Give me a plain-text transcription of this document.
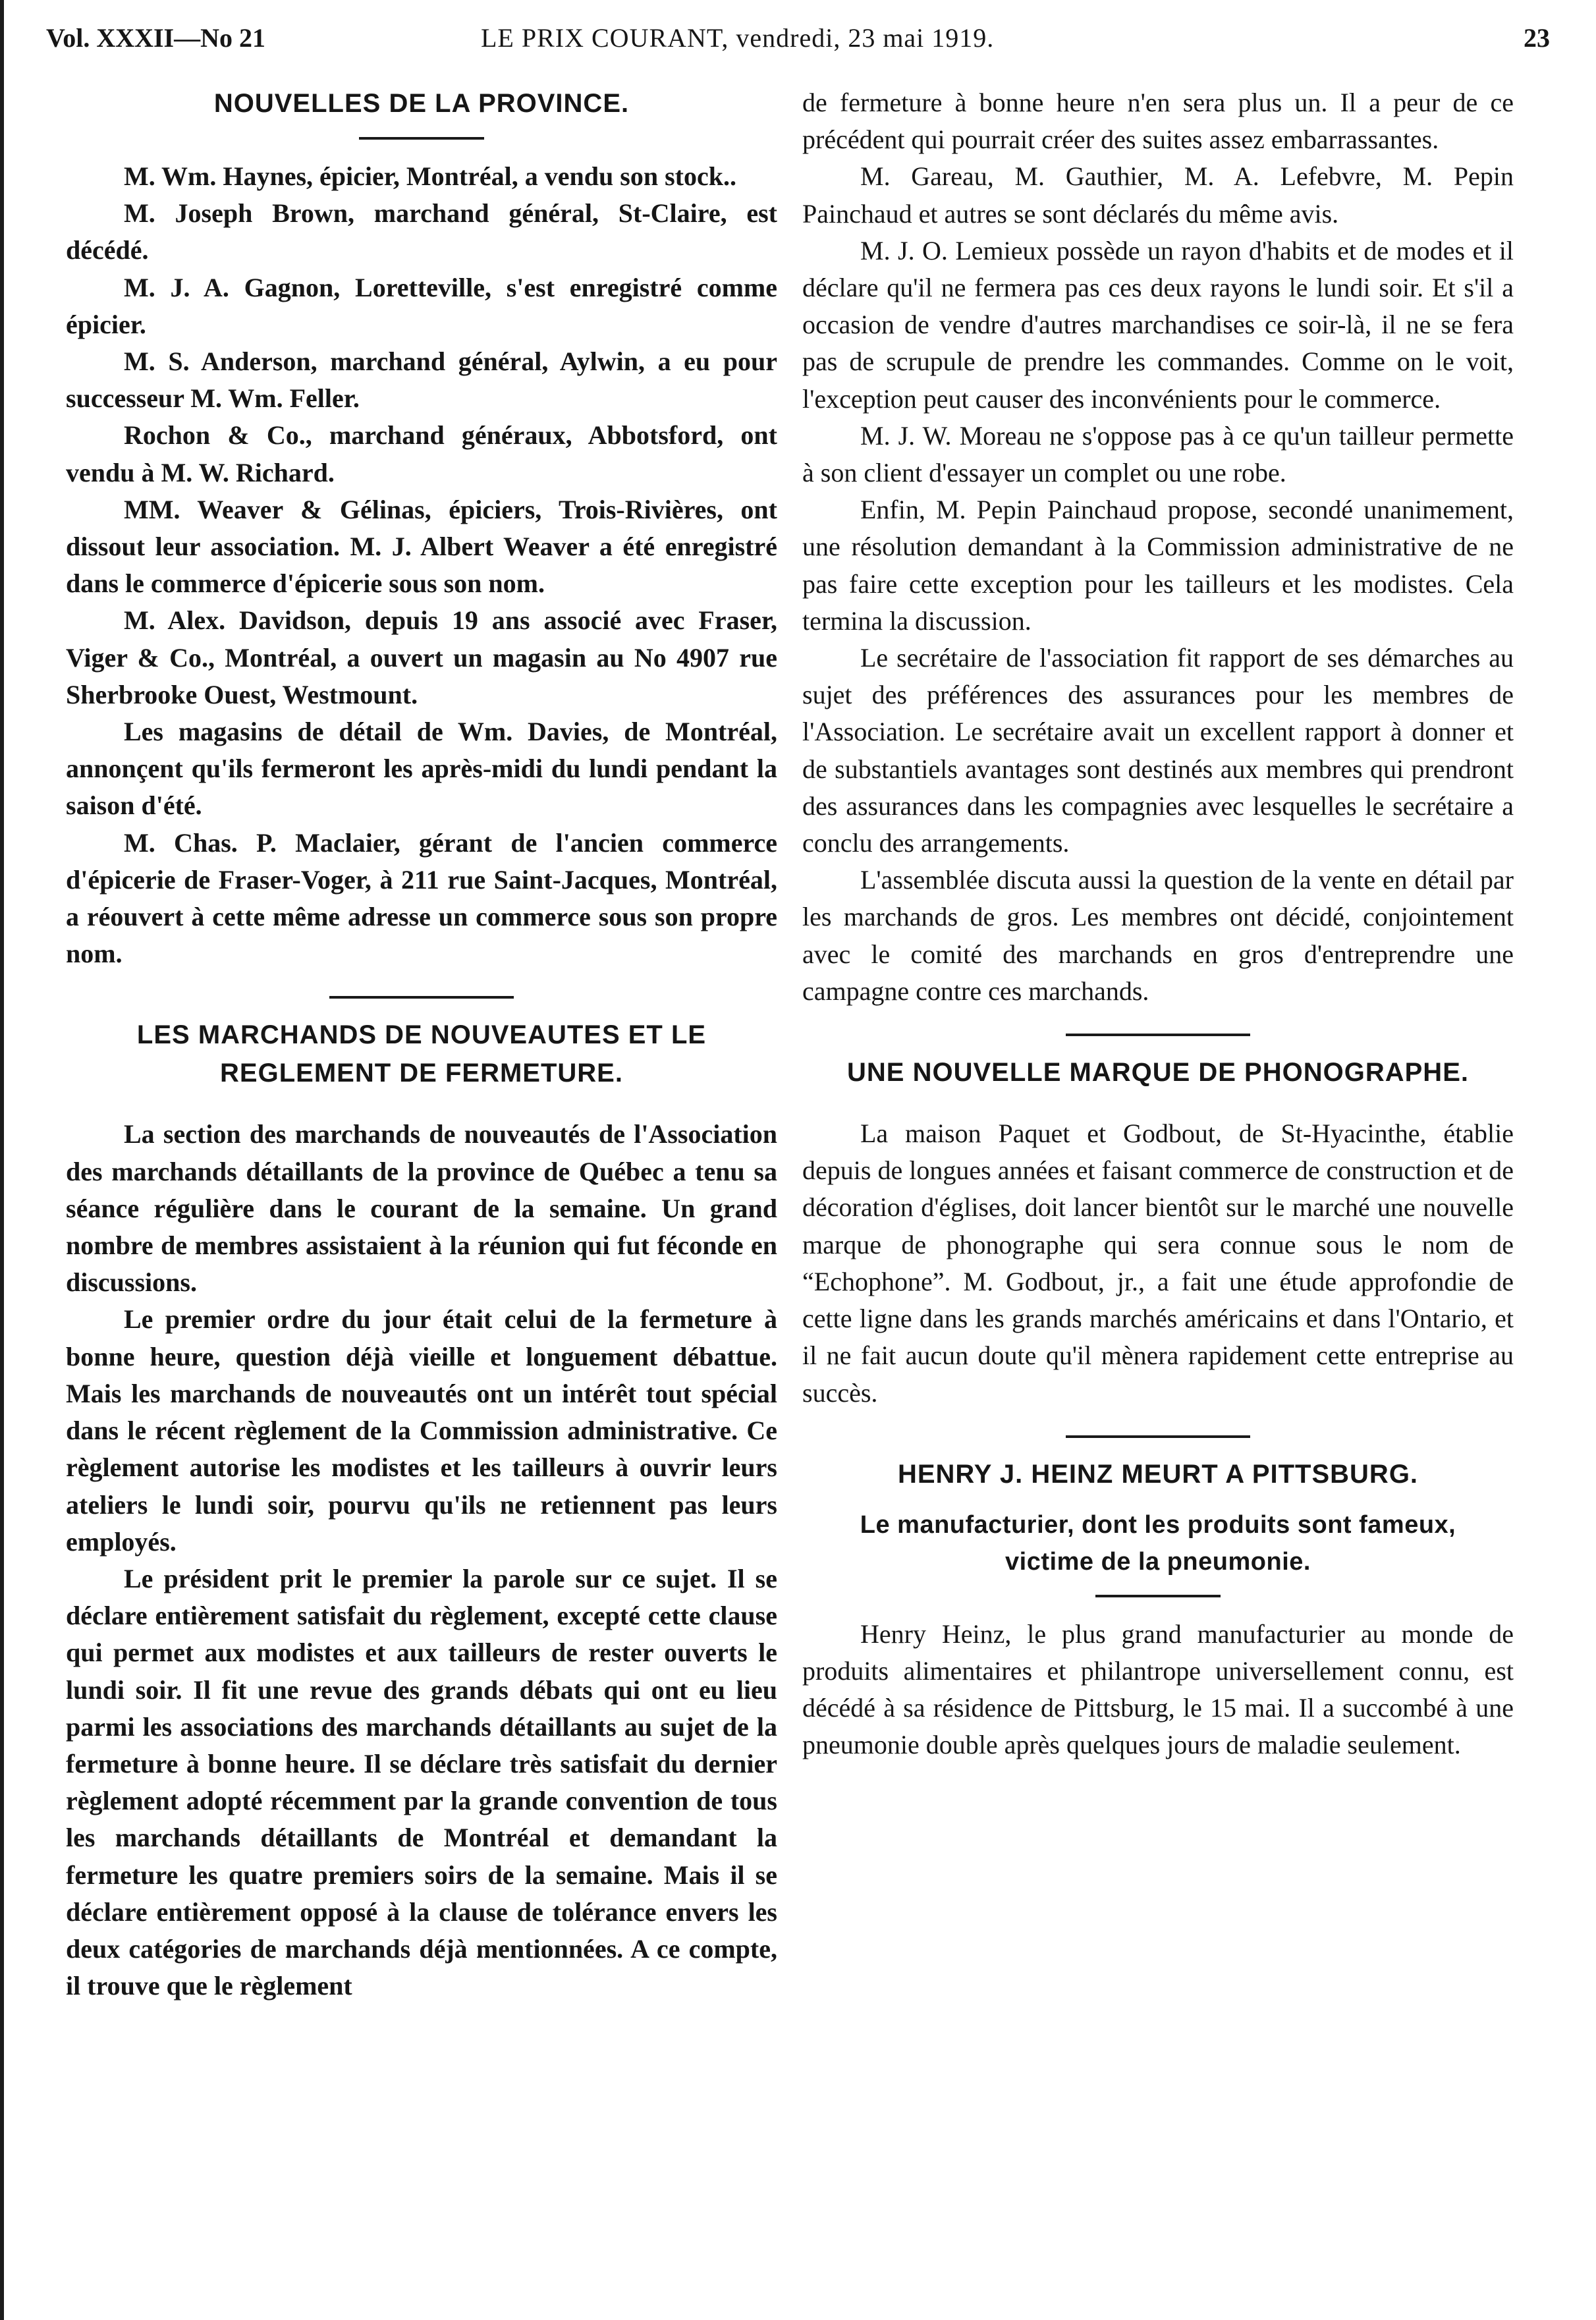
Vol. XXXII—No 21	LE PRIX COURANT, vendredi, 23 mai 1919.	23
NOUVELLES DE LA PROVINCE.

M. Wm. Haynes, épicier, Montréal, a vendu son stock..

M. Joseph Brown, marchand général, St-Claire, est décédé.

M. J. A. Gagnon, Loretteville, s'est enregistré comme épicier.

M. S. Anderson, marchand général, Aylwin, a eu pour successeur M. Wm. Feller.

Rochon & Co., marchand généraux, Abbotsford, ont vendu à M. W. Richard.

MM. Weaver & Gélinas, épiciers, Trois-Rivières, ont dissout leur association. M. J. Albert Weaver a été enregistré dans le commerce d'épicerie sous son nom.

M. Alex. Davidson, depuis 19 ans associé avec Fraser, Viger & Co., Montréal, a ouvert un magasin au No 4907 rue Sherbrooke Ouest, Westmount.

Les magasins de détail de Wm. Davies, de Montréal, annonçent qu'ils fermeront les après-midi du lundi pendant la saison d'été.

M. Chas. P. Maclaier, gérant de l'ancien commerce d'épicerie de Fraser-Voger, à 211 rue Saint-Jacques, Montréal, a réouvert à cette même adresse un commerce sous son propre nom.

LES MARCHANDS DE NOUVEAUTES ET LE
REGLEMENT DE FERMETURE.

La section des marchands de nouveautés de l'Association des marchands détaillants de la province de Québec a tenu sa séance régulière dans le courant de la semaine. Un grand nombre de membres assistaient à la réunion qui fut féconde en discussions.

Le premier ordre du jour était celui de la fermeture à bonne heure, question déjà vieille et longuement débattue. Mais les marchands de nouveautés ont un intérêt tout spécial dans le récent règlement de la Commission administrative. Ce règlement autorise les modistes et les tailleurs à ouvrir leurs ateliers le lundi soir, pourvu qu'ils ne retiennent pas leurs employés.

Le président prit le premier la parole sur ce sujet. Il se déclare entièrement satisfait du règlement, excepté cette clause qui permet aux modistes et aux tailleurs de rester ouverts le lundi soir. Il fit une revue des grands débats qui ont eu lieu parmi les associations des marchands détaillants au sujet de la fermeture à bonne heure. Il se déclare très satisfait du dernier règlement adopté récemment par la grande convention de tous les marchands détaillants de Montréal et demandant la fermeture les quatre premiers soirs de la semaine. Mais il se déclare entièrement opposé à la clause de tolérance envers les deux catégories de marchands déjà mentionnées. A ce compte, il trouve que le règlement

de fermeture à bonne heure n'en sera plus un. Il a peur de ce précédent qui pourrait créer des suites assez embarrassantes.

M. Gareau, M. Gauthier, M. A. Lefebvre, M. Pepin Painchaud et autres se sont déclarés du même avis.

M. J. O. Lemieux possède un rayon d'habits et de modes et il déclare qu'il ne fermera pas ces deux rayons le lundi soir. Et s'il a occasion de vendre d'autres marchandises ce soir-là, il ne se fera pas de scrupule de prendre les commandes. Comme on le voit, l'exception peut causer des inconvénients pour le commerce.

M. J. W. Moreau ne s'oppose pas à ce qu'un tailleur permette à son client d'essayer un complet ou une robe.

Enfin, M. Pepin Painchaud propose, secondé unanimement, une résolution demandant à la Commission administrative de ne pas faire cette exception pour les tailleurs et les modistes. Cela termina la discussion.

Le secrétaire de l'association fit rapport de ses démarches au sujet des préférences des assurances pour les membres de l'Association. Le secrétaire avait un excellent rapport à donner et de substantiels avantages sont destinés aux membres qui prendront des assurances dans les compagnies avec lesquelles le secrétaire a conclu des arrangements.

L'assemblée discuta aussi la question de la vente en détail par les marchands de gros. Les membres ont décidé, conjointement avec le comité des marchands en gros d'entreprendre une campagne contre ces marchands.

UNE NOUVELLE MARQUE DE PHONOGRAPHE.

La maison Paquet et Godbout, de St-Hyacinthe, établie depuis de longues années et faisant commerce de construction et de décoration d'églises, doit lancer bientôt sur le marché une nouvelle marque de phonographe qui sera connue sous le nom de “Echophone”. M. Godbout, jr., a fait une étude approfondie de cette ligne dans les grands marchés américains et dans l'Ontario, et il ne fait aucun doute qu'il mènera rapidement cette entreprise au succès.

HENRY J. HEINZ MEURT A PITTSBURG.
Le manufacturier, dont les produits sont fameux,
victime de la pneumonie.

Henry Heinz, le plus grand manufacturier au monde de produits alimentaires et philantrope universellement connu, est décédé à sa résidence de Pittsburg, le 15 mai. Il a succombé à une pneumonie double après quelques jours de maladie seulement.
